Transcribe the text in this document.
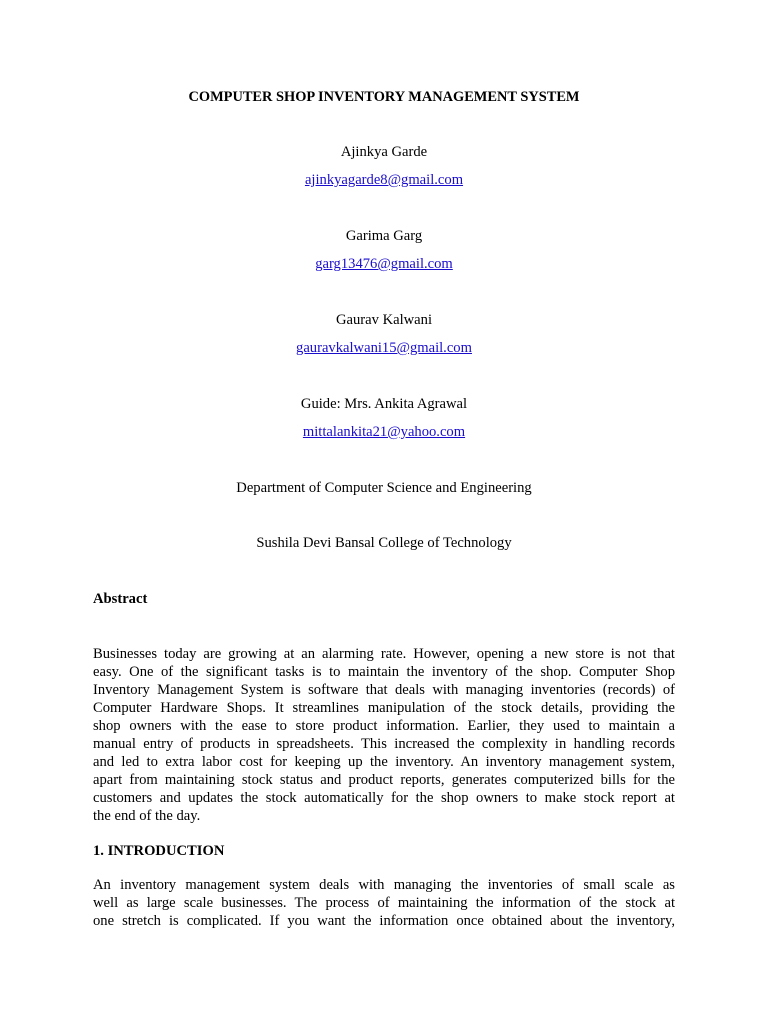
COMPUTER SHOP INVENTORY MANAGEMENT SYSTEM
Ajinkya Garde
ajinkyagarde8@gmail.com
Garima Garg
garg13476@gmail.com
Gaurav Kalwani
gauravkalwani15@gmail.com
Guide: Mrs. Ankita Agrawal
mittalankita21@yahoo.com
Department of Computer Science and Engineering
Sushila Devi Bansal College of Technology
Abstract
Businesses today are growing at an alarming rate. However, opening a new store is not that
easy. One of the significant tasks is to maintain the inventory of the shop. Computer Shop
Inventory Management System is software that deals with managing inventories (records) of
Computer Hardware Shops. It streamlines manipulation of the stock details, providing the
shop owners with the ease to store product information. Earlier, they used to maintain a
manual entry of products in spreadsheets. This increased the complexity in handling records
and led to extra labor cost for keeping up the inventory. An inventory management system,
apart from maintaining stock status and product reports, generates computerized bills for the
customers and updates the stock automatically for the shop owners to make stock report at
the end of the day.
1. INTRODUCTION
An inventory management system deals with managing the inventories of small scale as
well as large scale businesses. The process of maintaining the information of the stock at
one stretch is complicated. If you want the information once obtained about the inventory,
